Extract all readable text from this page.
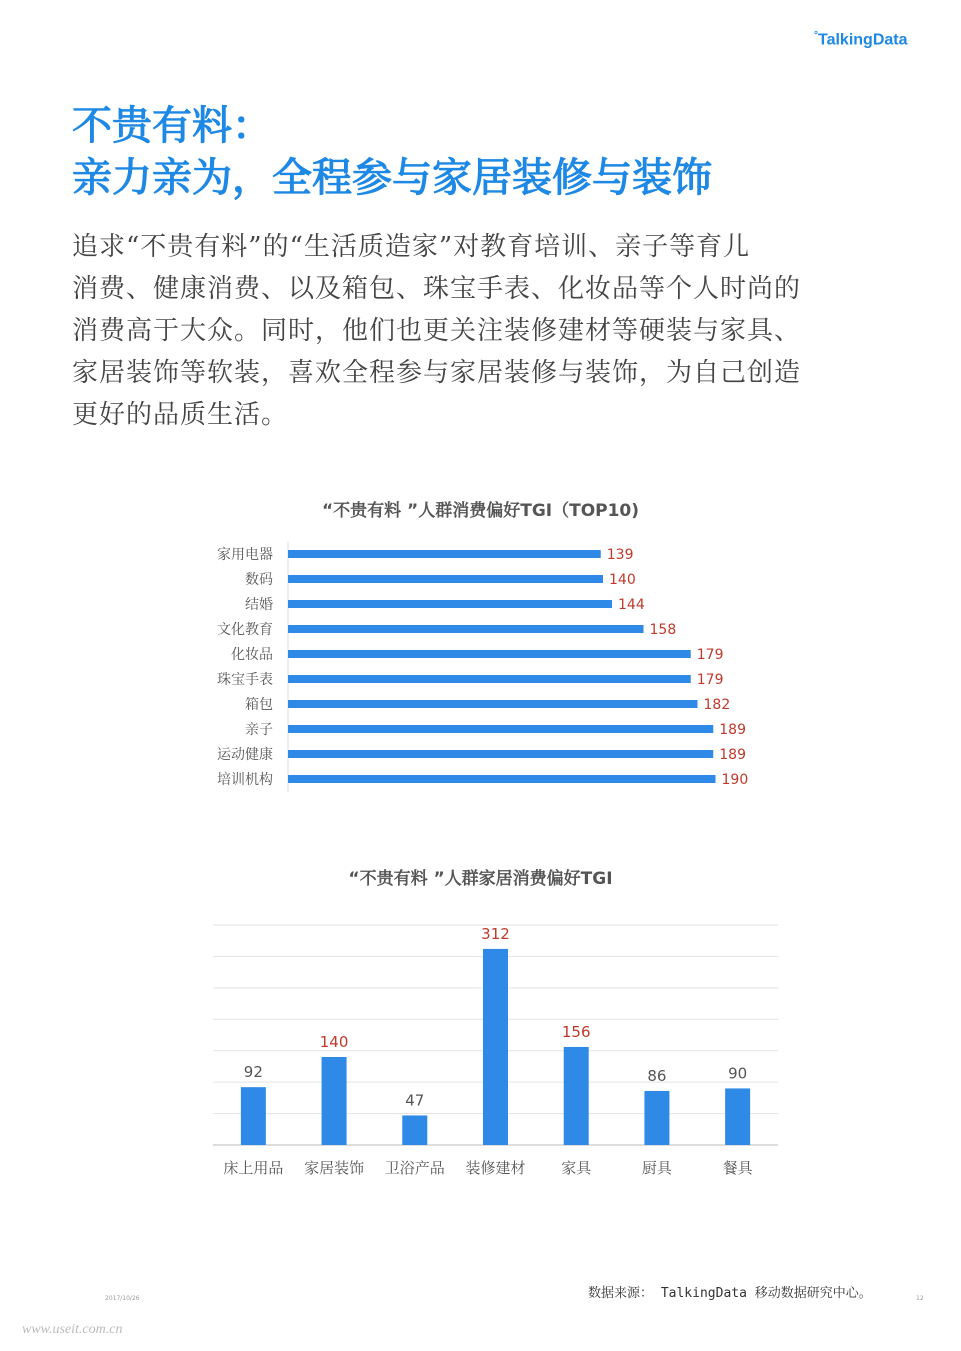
°TalkingData
不贵有料：
亲力亲为，全程参与家居装修与装饰
追求“不贵有料”的“生活质造家”对教育培训、亲子等育儿
消费、健康消费、以及箱包、珠宝手表、化妆品等个人时尚的
消费高于大众。同时，他们也更关注装修建材等硬装与家具、
家居装饰等软装，喜欢全程参与家居装修与装饰，为自己创造
更好的品质生活。
“不贵有料 ”人群消费偏好TGI（TOP10)
家用电器	139
数码	140
结婚	144
文化教育	158
化妆品	179
珠宝手表	179
箱包	182
亲子	189
运动健康	189
培训机构	190
“不贵有料 ”人群家居消费偏好TGI
92
床上用品
140
家居装饰
47
卫浴产品
312
装修建材
156
家具
86
厨具
90
餐具
2017/10/26	数据来源： TalkingData 移动数据研究中心。	12
www.useit.com.cn
